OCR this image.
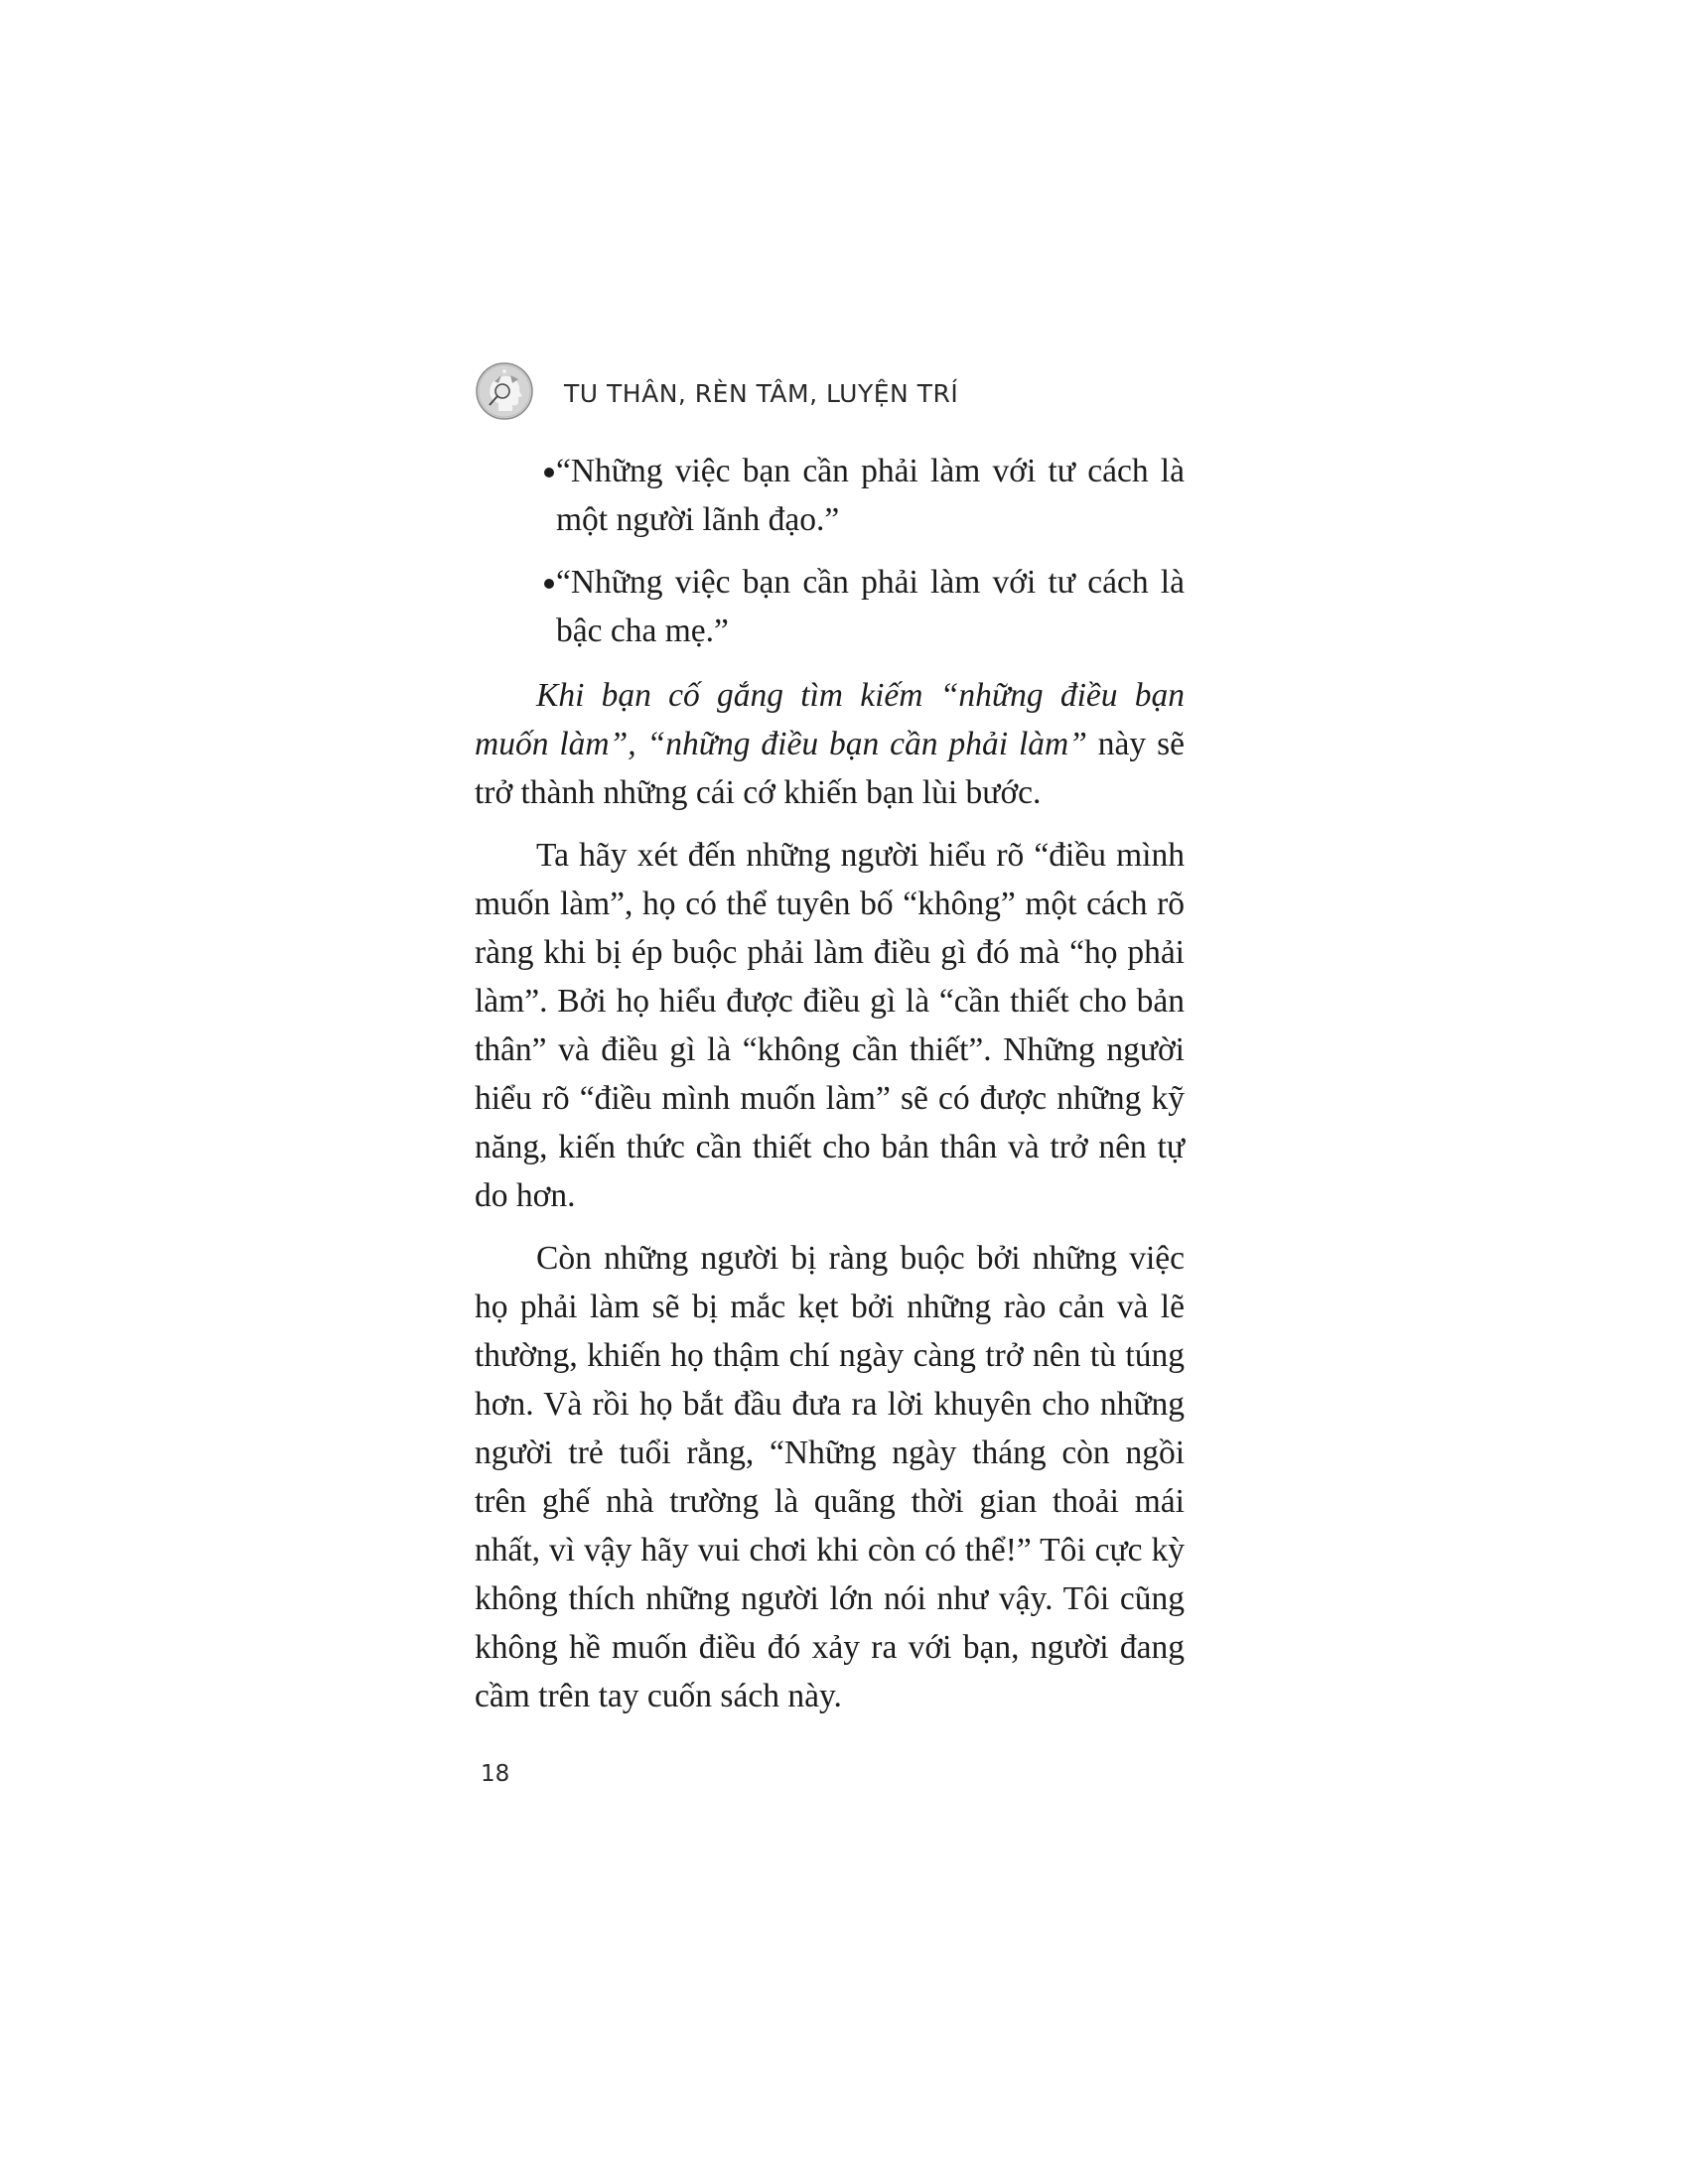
TU THÂN, RÈN TÂM, LUYỆN TRÍ
“Những việc bạn cần phải làm với tư cách là một người lãnh đạo.”
“Những việc bạn cần phải làm với tư cách là bậc cha mẹ.”

Khi bạn cố gắng tìm kiếm “những điều bạn muốn làm”, “những điều bạn cần phải làm” này sẽ trở thành những cái cớ khiến bạn lùi bước.

Ta hãy xét đến những người hiểu rõ “điều mình muốn làm”, họ có thể tuyên bố “không” một cách rõ ràng khi bị ép buộc phải làm điều gì đó mà “họ phải làm”. Bởi họ hiểu được điều gì là “cần thiết cho bản thân” và điều gì là “không cần thiết”. Những người hiểu rõ “điều mình muốn làm” sẽ có được những kỹ năng, kiến thức cần thiết cho bản thân và trở nên tự do hơn.

Còn những người bị ràng buộc bởi những việc họ phải làm sẽ bị mắc kẹt bởi những rào cản và lẽ thường, khiến họ thậm chí ngày càng trở nên tù túng hơn. Và rồi họ bắt đầu đưa ra lời khuyên cho những người trẻ tuổi rằng, “Những ngày tháng còn ngồi trên ghế nhà trường là quãng thời gian thoải mái nhất, vì vậy hãy vui chơi khi còn có thể!” Tôi cực kỳ không thích những người lớn nói như vậy. Tôi cũng không hề muốn điều đó xảy ra với bạn, người đang cầm trên tay cuốn sách này.

18
